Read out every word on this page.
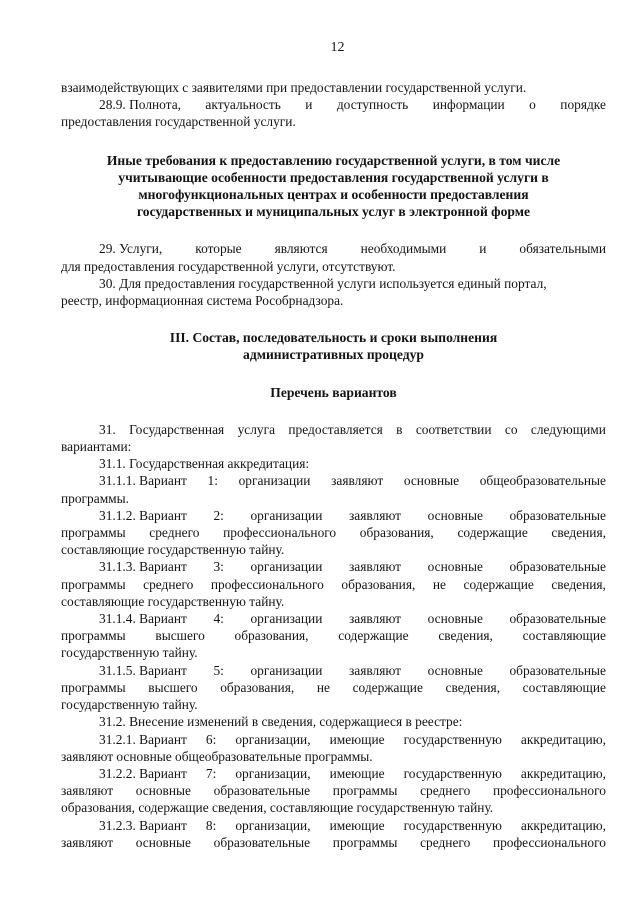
12

взаимодействующих с заявителями при предоставлении государственной услуги.

28.9. Полнота, актуальность и доступность информации о порядке

предоставления государственной услуги.

Иные требования к предоставлению государственной услуги, в том числе
учитывающие особенности предоставления государственной услуги в
многофункциональных центрах и особенности предоставления
государственных и муниципальных услуг в электронной форме
29. Услуги, которые являются необходимыми и обязательными

для предоставления государственной услуги, отсутствуют.

30. Для предоставления государственной услуги используется единый портал,

реестр, информационная система Рособрнадзора.

III. Состав, последовательность и сроки выполнения
административных процедур
Перечень вариантов
31. Государственная услуга предоставляется в соответствии со следующими

вариантами:

31.1. Государственная аккредитация:

31.1.1. Вариант 1: организации заявляют основные общеобразовательные

программы.

31.1.2. Вариант 2: организации заявляют основные образовательные
программы среднего профессионального образования, содержащие сведения,

составляющие государственную тайну.

31.1.3. Вариант 3: организации заявляют основные образовательные
программы среднего профессионального образования, не содержащие сведения,

составляющие государственную тайну.

31.1.4. Вариант 4: организации заявляют основные образовательные
программы высшего образования, содержащие сведения, составляющие

государственную тайну.

31.1.5. Вариант 5: организации заявляют основные образовательные
программы высшего образования, не содержащие сведения, составляющие

государственную тайну.

31.2. Внесение изменений в сведения, содержащиеся в реестре:

31.2.1. Вариант 6: организации, имеющие государственную аккредитацию,

заявляют основные общеобразовательные программы.

31.2.2. Вариант 7: организации, имеющие государственную аккредитацию,
заявляют основные образовательные программы среднего профессионального

образования, содержащие сведения, составляющие государственную тайну.

31.2.3. Вариант 8: организации, имеющие государственную аккредитацию,
заявляют основные образовательные программы среднего профессионального
